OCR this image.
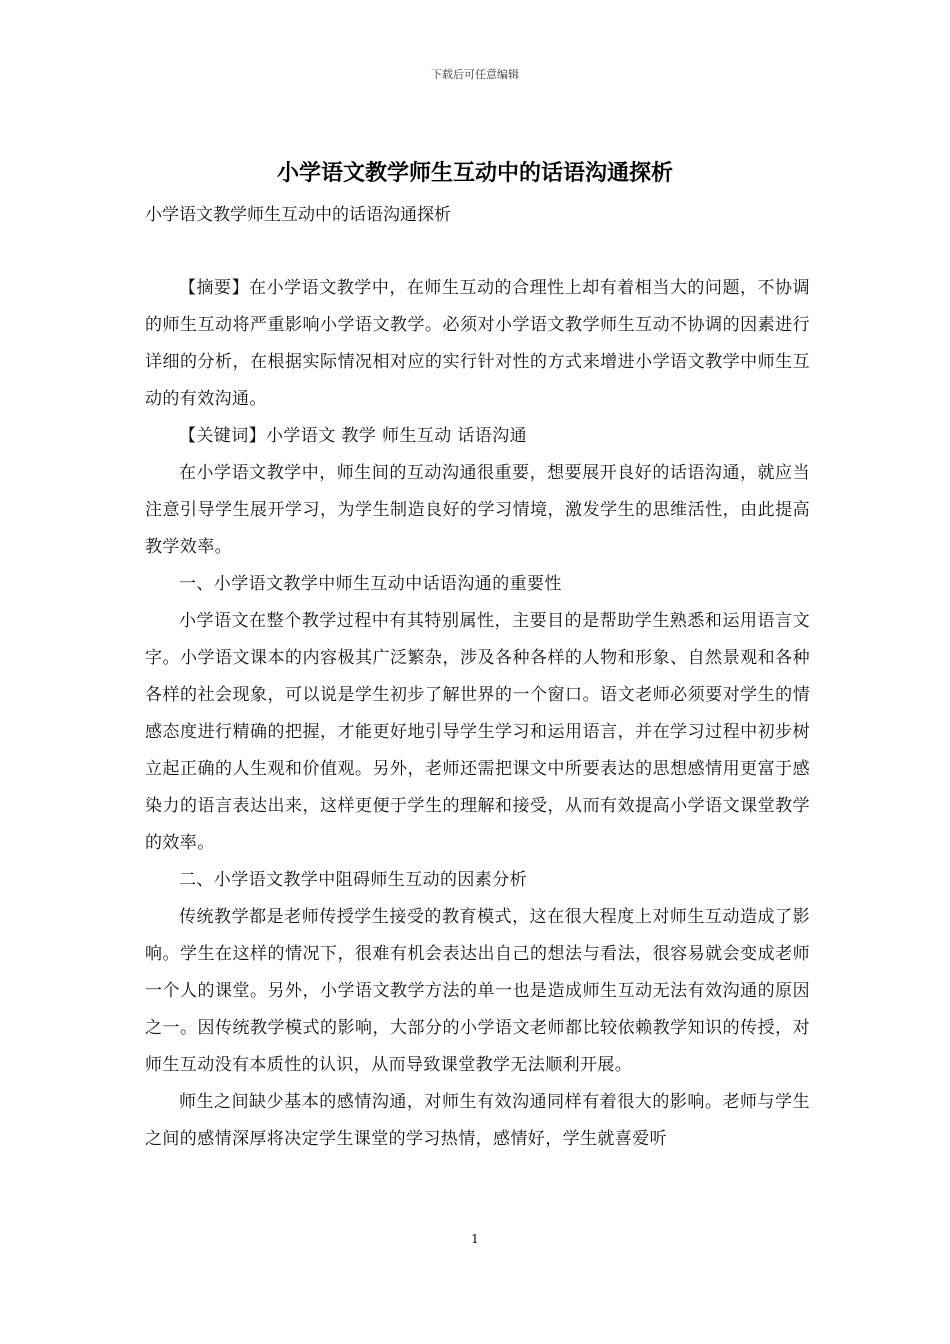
下载后可任意编辑
小学语文教学师生互动中的话语沟通探析

小学语文教学师生互动中的话语沟通探析

【摘要】在小学语文教学中，在师生互动的合理性上却有着相当大的问题，不协调的师生互动将严重影响小学语文教学。必须对小学语文教学师生互动不协调的因素进行详细的分析，在根据实际情况相对应的实行针对性的方式来增进小学语文教学中师生互动的有效沟通。

【关键词】小学语文 教学 师生互动 话语沟通

在小学语文教学中，师生间的互动沟通很重要，想要展开良好的话语沟通，就应当注意引导学生展开学习，为学生制造良好的学习情境，激发学生的思维活性，由此提高教学效率。

一、小学语文教学中师生互动中话语沟通的重要性

小学语文在整个教学过程中有其特别属性，主要目的是帮助学生熟悉和运用语言文字。小学语文课本的内容极其广泛繁杂，涉及各种各样的人物和形象、自然景观和各种各样的社会现象，可以说是学生初步了解世界的一个窗口。语文老师必须要对学生的情感态度进行精确的把握，才能更好地引导学生学习和运用语言，并在学习过程中初步树立起正确的人生观和价值观。另外，老师还需把课文中所要表达的思想感情用更富于感染力的语言表达出来，这样更便于学生的理解和接受，从而有效提高小学语文课堂教学的效率。

二、小学语文教学中阻碍师生互动的因素分析

传统教学都是老师传授学生接受的教育模式，这在很大程度上对师生互动造成了影响。学生在这样的情况下，很难有机会表达出自己的想法与看法，很容易就会变成老师一个人的课堂。另外，小学语文教学方法的单一也是造成师生互动无法有效沟通的原因之一。因传统教学模式的影响，大部分的小学语文老师都比较依赖教学知识的传授，对师生互动没有本质性的认识，从而导致课堂教学无法顺利开展。

师生之间缺少基本的感情沟通，对师生有效沟通同样有着很大的影响。老师与学生之间的感情深厚将决定学生课堂的学习热情，感情好，学生就喜爱听

1
